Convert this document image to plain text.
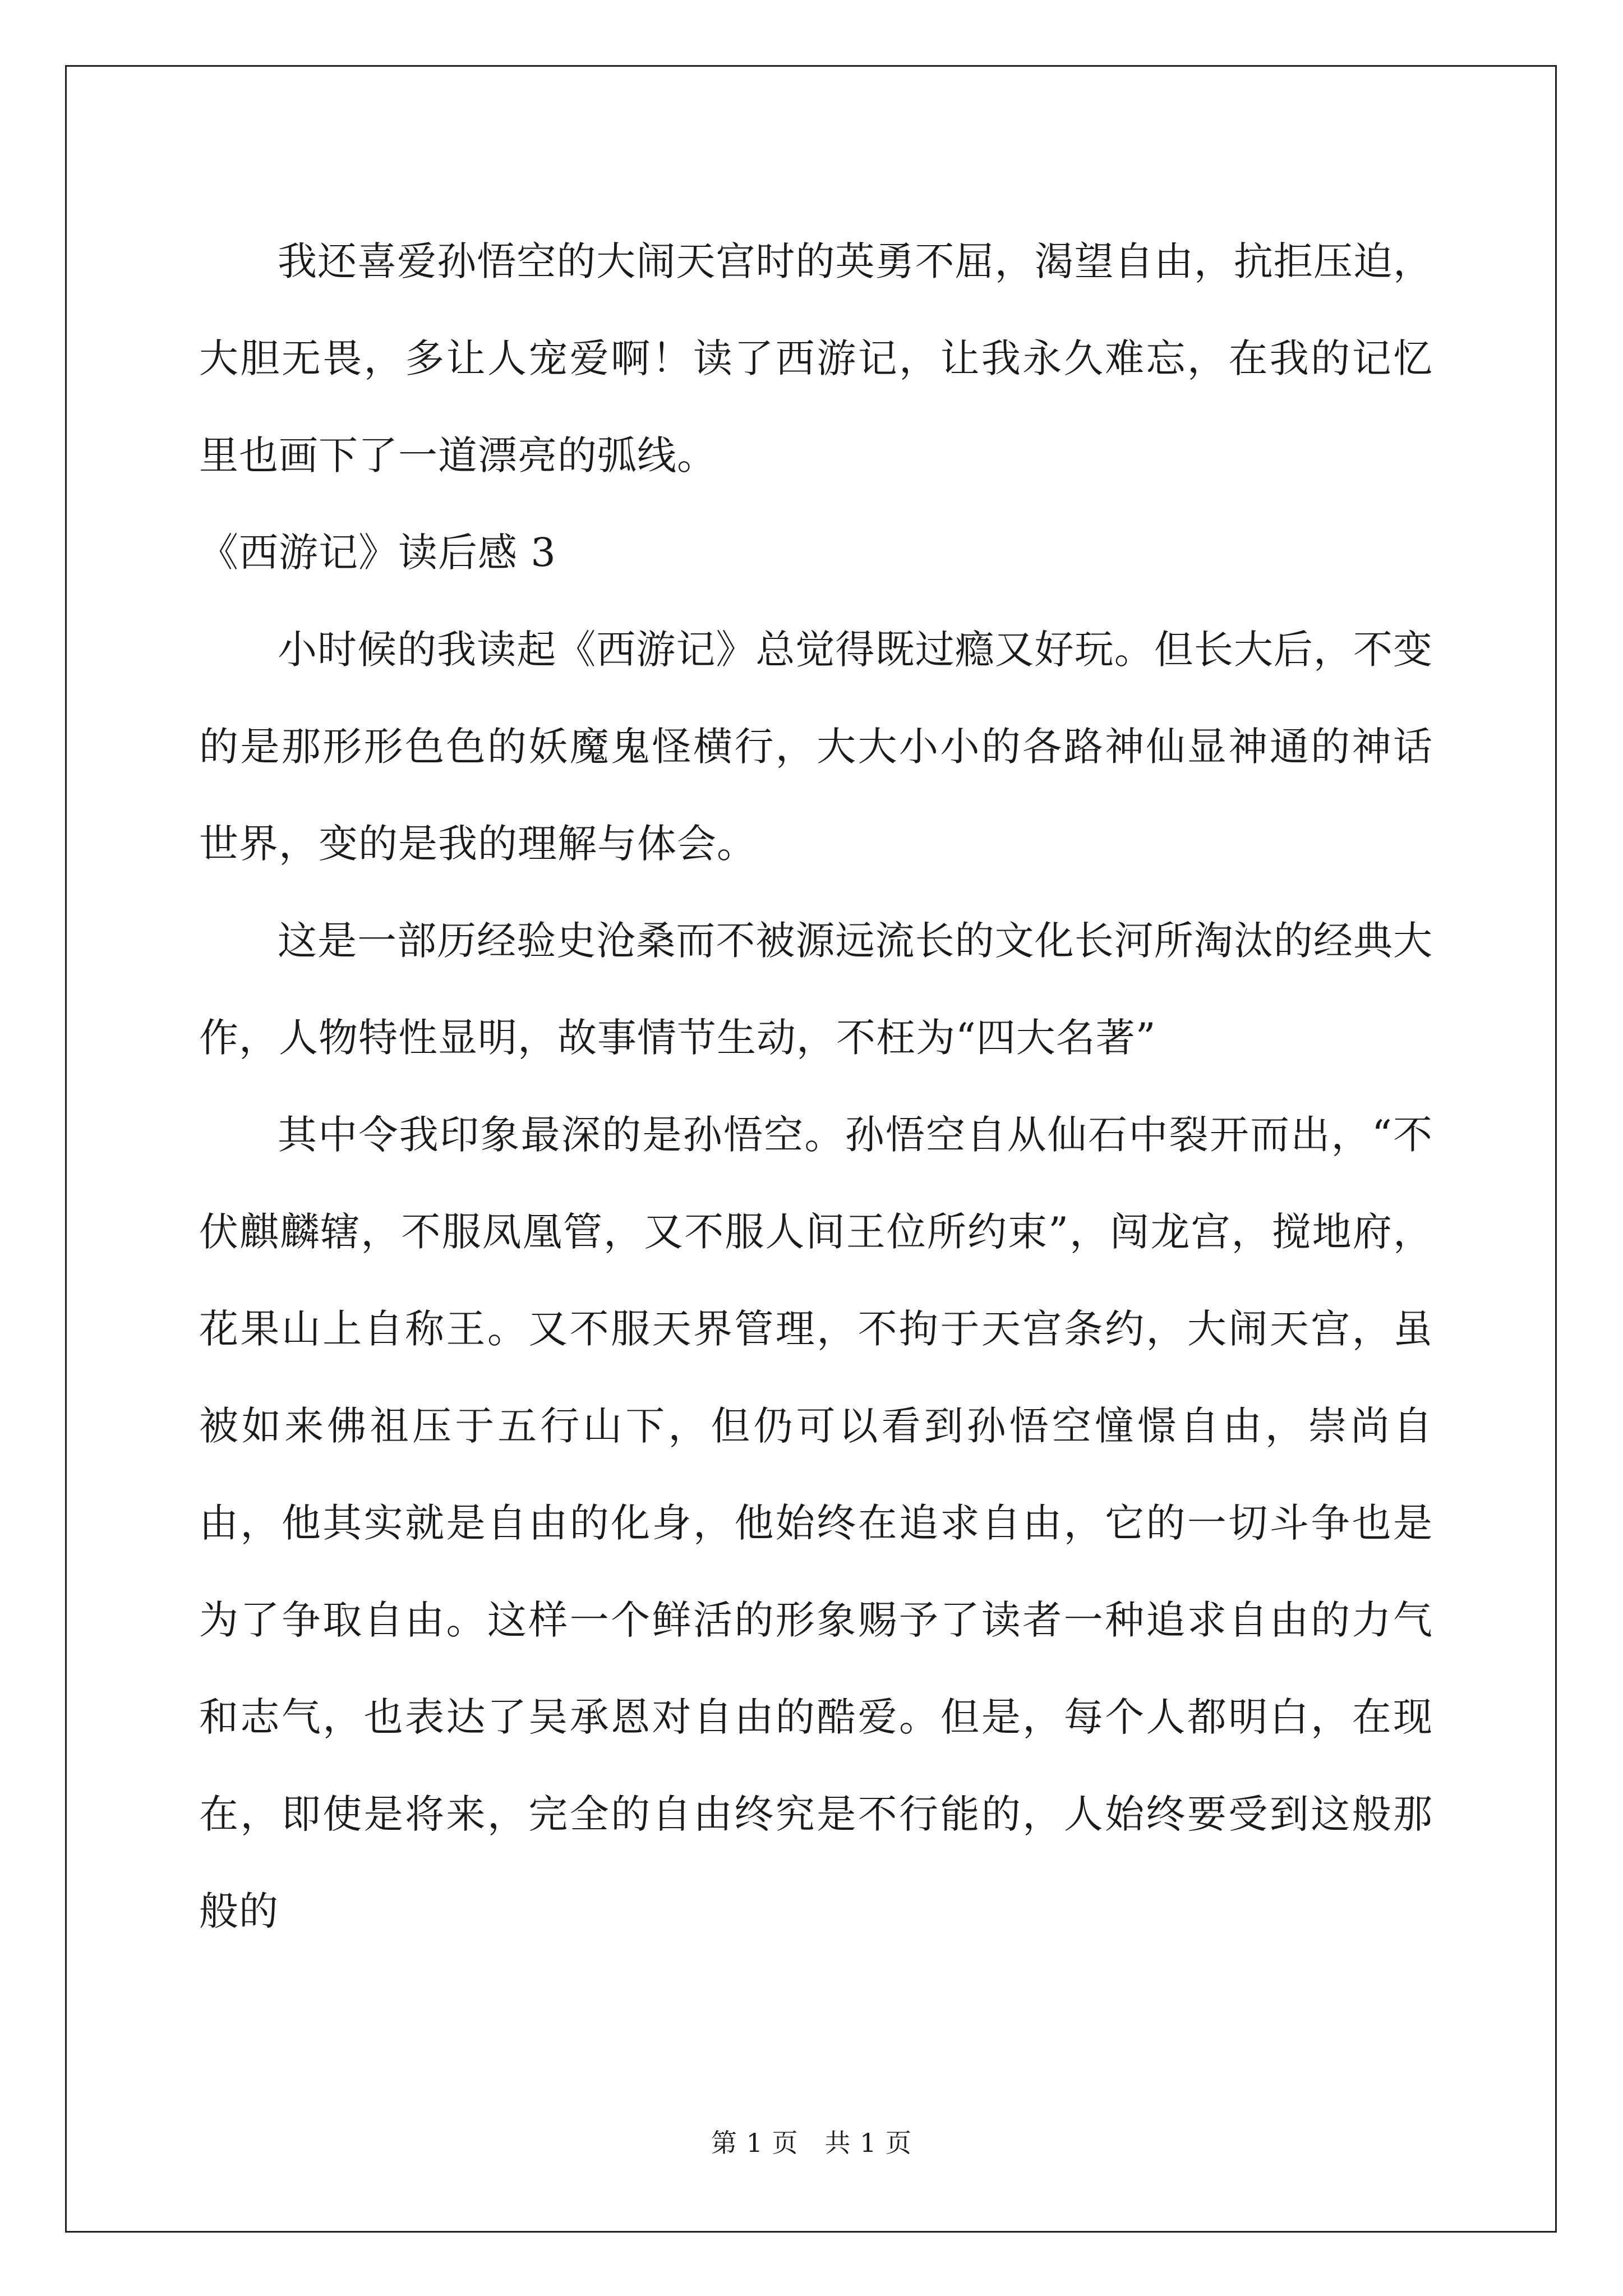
我还喜爱孙悟空的大闹天宫时的英勇不屈，渴望自由，抗拒压迫，大胆无畏，多让人宠爱啊！读了西游记，让我永久难忘，在我的记忆里也画下了一道漂亮的弧线。

《西游记》读后感 3

小时候的我读起《西游记》总觉得既过瘾又好玩。但长大后，不变的是那形形色色的妖魔鬼怪横行，大大小小的各路神仙显神通的神话世界，变的是我的理解与体会。

这是一部历经验史沧桑而不被源远流长的文化长河所淘汰的经典大作，人物特性显明，故事情节生动，不枉为“四大名著”

其中令我印象最深的是孙悟空。孙悟空自从仙石中裂开而出，“不伏麒麟辖，不服凤凰管，又不服人间王位所约束”，闯龙宫，搅地府，花果山上自称王。又不服天界管理，不拘于天宫条约，大闹天宫，虽被如来佛祖压于五行山下，但仍可以看到孙悟空憧憬自由，崇尚自由，他其实就是自由的化身，他始终在追求自由，它的一切斗争也是为了争取自由。这样一个鲜活的形象赐予了读者一种追求自由的力气和志气，也表达了吴承恩对自由的酷爱。但是，每个人都明白，在现在，即使是将来，完全的自由终究是不行能的，人始终要受到这般那般的

第 1 页　共 1 页
